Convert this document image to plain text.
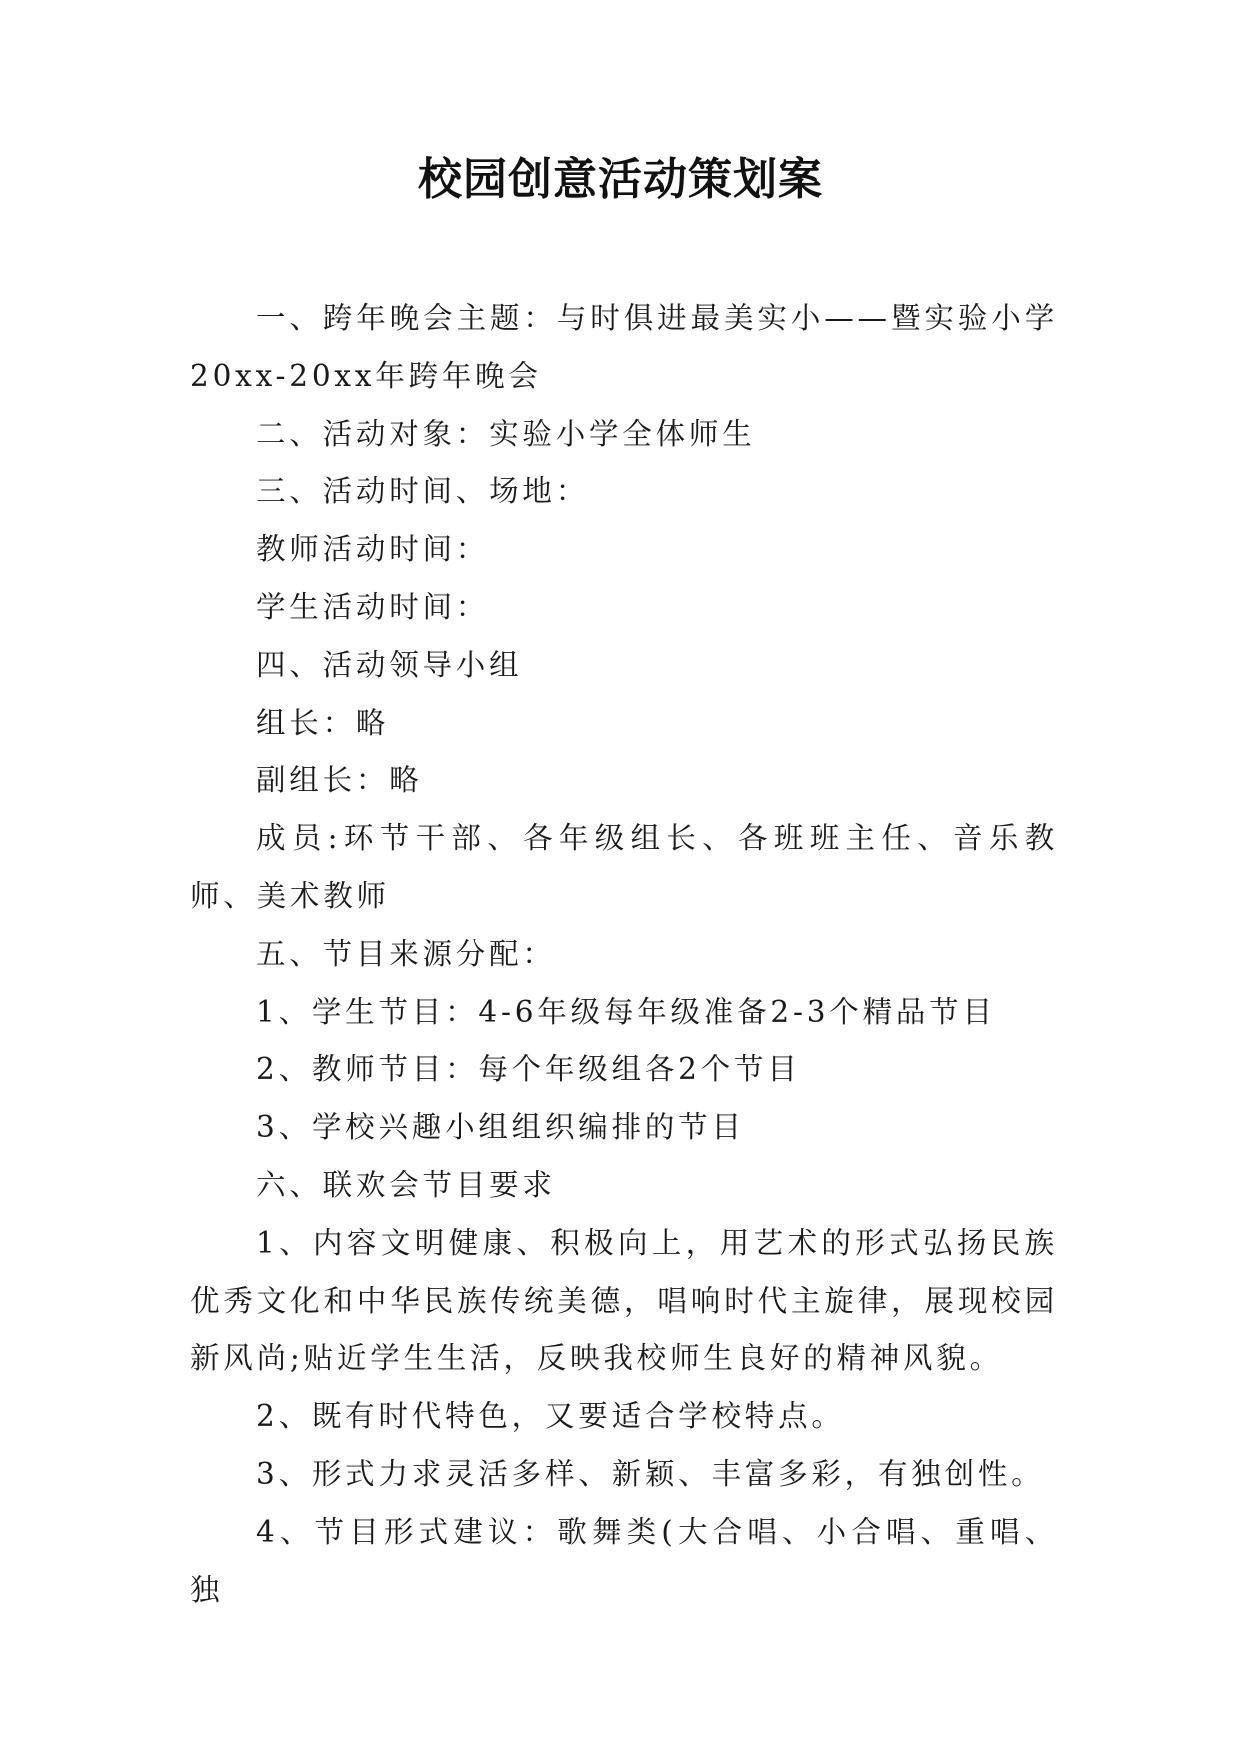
校园创意活动策划案

一、跨年晚会主题：与时俱进最美实小——暨实验小学20xx-20xx年跨年晚会

二、活动对象：实验小学全体师生

三、活动时间、场地：

教师活动时间：

学生活动时间：

四、活动领导小组

组长：略

副组长：略

成员:环节干部、各年级组长、各班班主任、音乐教师、美术教师

五、节目来源分配：

1、学生节目：4-6年级每年级准备2-3个精品节目

2、教师节目：每个年级组各2个节目

3、学校兴趣小组组织编排的节目

六、联欢会节目要求

1、内容文明健康、积极向上，用艺术的形式弘扬民族优秀文化和中华民族传统美德，唱响时代主旋律，展现校园新风尚;贴近学生生活，反映我校师生良好的精神风貌。

2、既有时代特色，又要适合学校特点。

3、形式力求灵活多样、新颖、丰富多彩，有独创性。

4、节目形式建议：歌舞类(大合唱、小合唱、重唱、独
